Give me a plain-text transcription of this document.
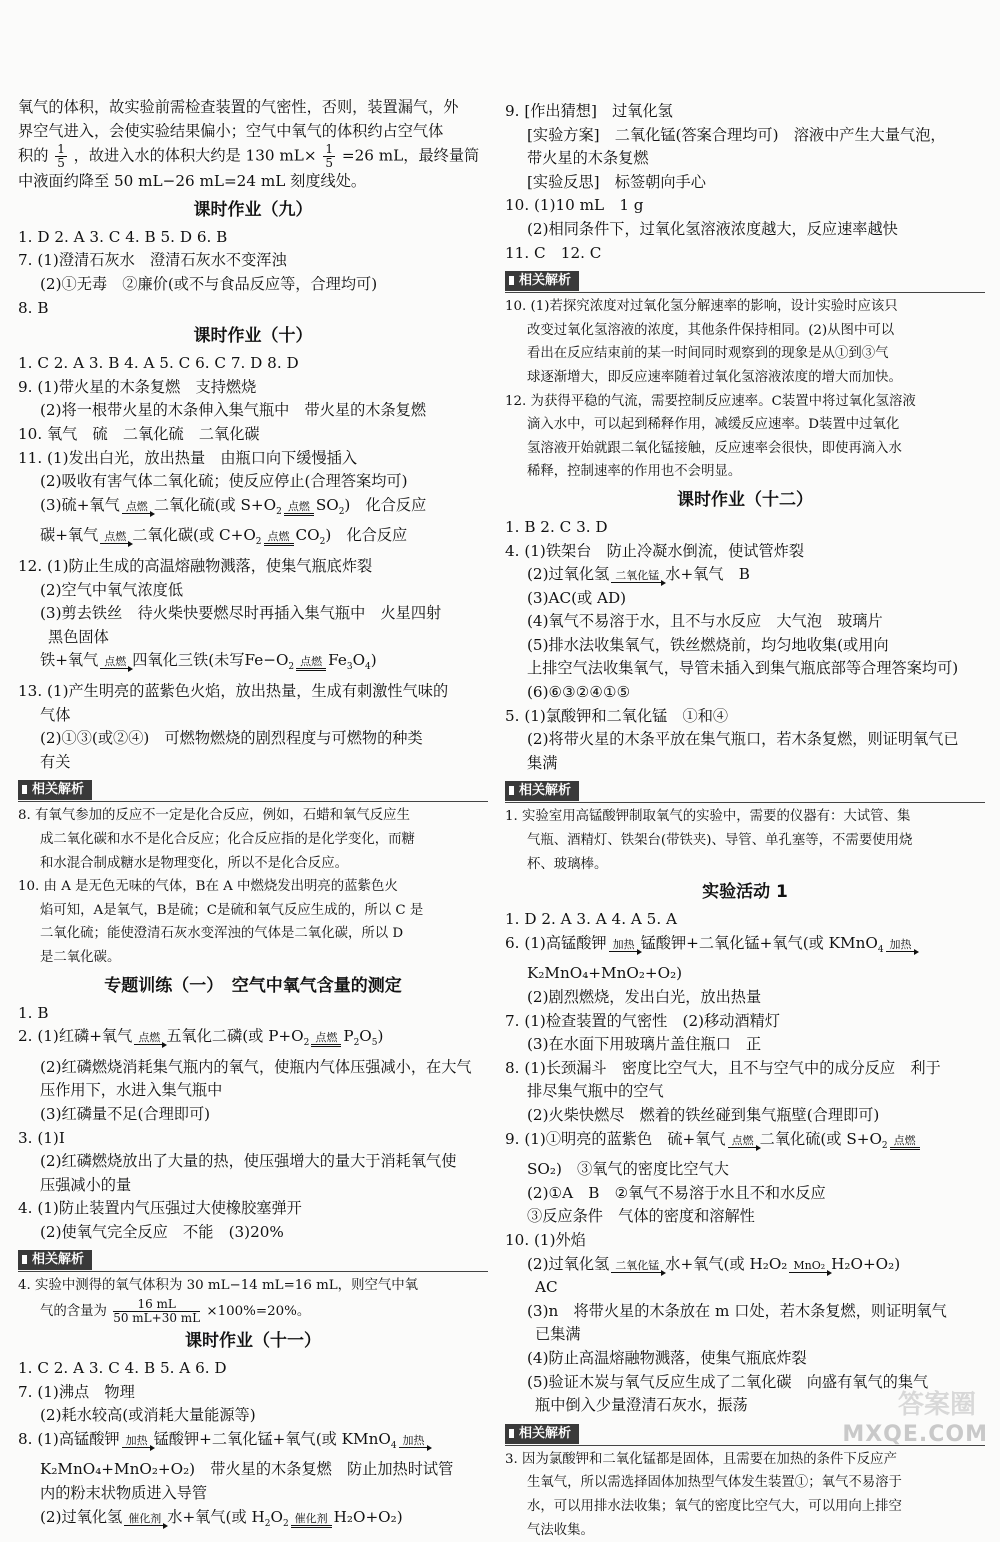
氧气的体积，故实验前需检查装置的气密性，否则，装置漏气，外
界空气进入，会使实验结果偏小；空气中氧气的体积约占空气体
积的 $\frac{1}{5}$ ，故进入水的体积大约是 130 $mL\times \frac{1}{5} =26$ mL，最终量筒
中液面约降至 50 mL−26 mL=24 mL 刻度线处。
课时作业（九）
1. D 2. A 3. C 4. B 5. D 6. B
7. (1)澄清石灰水　澄清石灰水不变浑浊
(2)①无毒　②廉价(或不与食品反应等，合理均可)
8. B
课时作业（十）
1. C 2. A 3. B 4. A 5. C 6. C 7. D 8. D
9. (1)带火星的木条复燃　支持燃烧
(2)将一根带火星的木条伸入集气瓶中　带火星的木条复燃
10. 氧气　硫　二氧化硫　二氧化碳
11. (1)发出白光，放出热量　由瓶口向下缓慢插入
(2)吸收有害气体二氧化硫；使反应停止(合理答案均可)
(3)硫+氧气 点燃 二氧化硫(或 $S+O_2$ 点燃 $SO_2$)　化合反应
碳+氧气 点燃 二氧化碳(或 $C+O_2$ 点燃 $CO_2$)　化合反应
12. (1)防止生成的高温熔融物溅落，使集气瓶底炸裂
(2)空气中氧气浓度低
(3)剪去铁丝　待火柴快要燃尽时再插入集气瓶中　火星四射
黑色固体
铁+氧气 点燃 四氧化三铁(未写$Fe-O_2$ 点燃 $Fe_3O_4$)
13. (1)产生明亮的蓝紫色火焰，放出热量，生成有刺激性气味的
气体
(2)①③(或②④)　可燃物燃烧的剧烈程度与可燃物的种类
有关
相关解析
8. 有氧气参加的反应不一定是化合反应，例如，石蜡和氧气反应生
成二氧化碳和水不是化合反应；化合反应指的是化学变化，而糖
和水混合制成糖水是物理变化，所以不是化合反应。
10. 由 A 是无色无味的气体，B在 A 中燃烧发出明亮的蓝紫色火
焰可知，A是氧气，B是硫；C是硫和氧气反应生成的，所以 C 是
二氧化硫；能使澄清石灰水变浑浊的气体是二氧化碳，所以 D
是二氧化碳。
专题训练（一）　空气中氧气含量的测定
1. B
2. (1)红磷+氧气 点燃 五氧化二磷(或 $P+O_2$ 点燃 $P_2O_5$)
(2)红磷燃烧消耗集气瓶内的氧气，使瓶内气体压强减小，在大气
压作用下，水进入集气瓶中
(3)红磷量不足(合理即可)
3. (1)I
(2)红磷燃烧放出了大量的热，使压强增大的量大于消耗氧气使
压强减小的量
4. (1)防止装置内气压强过大使橡胶塞弹开
(2)使氧气完全反应　不能　(3)20%
相关解析
4. 实验中测得的氧气体积为 30 mL−14 mL=16 mL，则空气中氧
气的含量为 $\frac{16 mL}{50 mL+30 mL} \times 100\%=20\%$。
课时作业（十一）
1. C 2. A 3. C 4. B 5. A 6. D
7. (1)沸点　物理
(2)耗水较高(或消耗大量能源等)
8. (1)高锰酸钾 加热 锰酸钾+二氧化锰+氧气(或 KMnO$_4$ 加热
K₂MnO₄+MnO₂+O₂)　带火星的木条复燃　防止加热时试管
内的粉末状物质进入导管
(2)过氧化氢 催化剂 水+氧气(或 $H_2O_2$ 催化剂 H₂O+O₂)
9. [作出猜想]　过氧化氢
[实验方案]　二氧化锰(答案合理均可)　溶液中产生大量气泡，
带火星的木条复燃
[实验反思]　标签朝向手心
10. (1)10 mL　1 g
(2)相同条件下，过氧化氢溶液浓度越大，反应速率越快
11. C　12. C
相关解析
10. (1)若探究浓度对过氧化氢分解速率的影响，设计实验时应该只
改变过氧化氢溶液的浓度，其他条件保持相同。(2)从图中可以
看出在反应结束前的某一时间同时观察到的现象是从①到③气
球逐渐增大，即反应速率随着过氧化氢溶液浓度的增大而加快。
12. 为获得平稳的气流，需要控制反应速率。C装置中将过氧化氢溶液
滴入水中，可以起到稀释作用，减缓反应速率。D装置中过氧化
氢溶液开始就跟二氧化锰接触，反应速率会很快，即使再滴入水
稀释，控制速率的作用也不会明显。
课时作业（十二）
1. B 2. C 3. D
4. (1)铁架台　防止冷凝水倒流，使试管炸裂
(2)过氧化氢 二氧化锰 水+氧气　B
(3)AC(或 AD)
(4)氧气不易溶于水，且不与水反应　大气泡　玻璃片
(5)排水法收集氧气，铁丝燃烧前，均匀地收集(或用向
上排空气法收集氧气，导管未插入到集气瓶底部等合理答案均可)
(6)⑥③②④①⑤
5. (1)氯酸钾和二氧化锰　①和④
(2)将带火星的木条平放在集气瓶口，若木条复燃，则证明氧气已
集满
相关解析
1. 实验室用高锰酸钾制取氧气的实验中，需要的仪器有：大试管、集
气瓶、酒精灯、铁架台(带铁夹)、导管、单孔塞等，不需要使用烧
杯、玻璃棒。
实验活动 1
1. D 2. A 3. A 4. A 5. A
6. (1)高锰酸钾 加热 锰酸钾+二氧化锰+氧气(或 KMnO$_4$ 加热
K₂MnO₄+MnO₂+O₂)
(2)剧烈燃烧，发出白光，放出热量
7. (1)检查装置的气密性　(2)移动酒精灯
(3)在水面下用玻璃片盖住瓶口　正
8. (1)长颈漏斗　密度比空气大，且不与空气中的成分反应　利于
排尽集气瓶中的空气
(2)火柴快燃尽　燃着的铁丝碰到集气瓶壁(合理即可)
9. (1)①明亮的蓝紫色　硫+氧气 点燃 二氧化硫(或 $S+O_2$ 点燃
SO₂)　③氧气的密度比空气大
(2)①A　B　②氧气不易溶于水且不和水反应
③反应条件　气体的密度和溶解性
10. (1)外焰
(2)过氧化氢 二氧化锰 水+氧气(或 H₂O₂ MnO₂ H₂O+O₂)
AC
(3)n　将带火星的木条放在 m 口处，若木条复燃，则证明氧气
已集满
(4)防止高温熔融物溅落，使集气瓶底炸裂
(5)验证木炭与氧气反应生成了二氧化碳　向盛有氧气的集气
瓶中倒入少量澄清石灰水，振荡
相关解析
3. 因为氯酸钾和二氧化锰都是固体，且需要在加热的条件下反应产
生氧气，所以需选择固体加热型气体发生装置①；氧气不易溶于
水，可以用排水法收集；氧气的密度比空气大，可以用向上排空
气法收集。
答案圈
MXQE.COM
